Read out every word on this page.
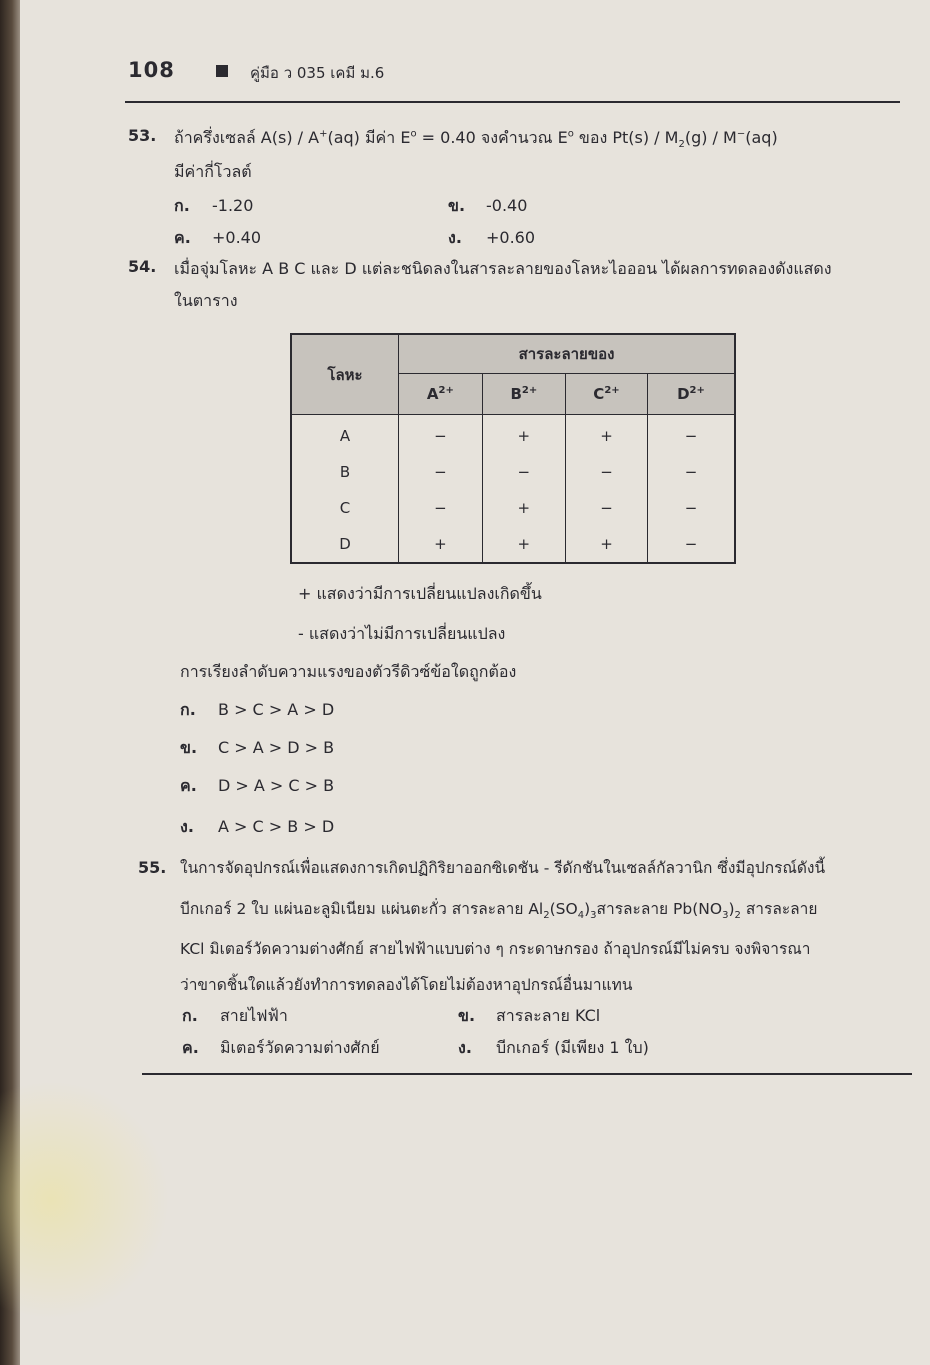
108	คู่มือ ว 035 เคมี ม.6
53. ถ้าครึ่งเซลล์ A(s) / A+(aq) มีค่า $E^o = 0.40$ จงคำนวณ $E^o$ ของ $Pt(s) / M_2(g) / M^-(aq)$
มีค่ากี่โวลต์
ก. -1.20	ข. -0.40
ค. +0.40	ง. +0.60
54. เมื่อจุ่มโลหะ A B C และ D แต่ละชนิดลงในสารละลายของโลหะไอออน ได้ผลการทดลองดังแสดง
ในตาราง
โลหะ	สารละลายของ			
	$A^{2+}$	$B^{2+}$	$C^{2+}$	$D^{2+}$
A	−	+	+	−
B	−	−	−	−
C	−	+	−	−
D	+	+	+	−
+ แสดงว่ามีการเปลี่ยนแปลงเกิดขึ้น
- แสดงว่าไม่มีการเปลี่ยนแปลง
การเรียงลำดับความแรงของตัวรีดิวซ์ข้อใดถูกต้อง
ก. B > C > A > D
ข. C > A > D > B
ค. D > A > C > B
ง. A > C > B > D
55. ในการจัดอุปกรณ์เพื่อแสดงการเกิดปฏิกิริยาออกซิเดชัน - รีดักชันในเซลล์กัลวานิก ซึ่งมีอุปกรณ์ดังนี้
บีกเกอร์ 2 ใบ แผ่นอะลูมิเนียม แผ่นตะกั่ว สารละลาย $Al_2(SO_4)_3$สารละลาย $Pb(NO_3)_2$ สารละลาย
KCl มิเตอร์วัดความต่างศักย์ สายไฟฟ้าแบบต่าง ๆ กระดาษกรอง ถ้าอุปกรณ์มีไม่ครบ จงพิจารณา
ว่าขาดชิ้นใดแล้วยังทำการทดลองได้โดยไม่ต้องหาอุปกรณ์อื่นมาแทน
ก. สายไฟฟ้า	ข. สารละลาย KCl
ค. มิเตอร์วัดความต่างศักย์	ง. บีกเกอร์ (มีเพียง 1 ใบ)
